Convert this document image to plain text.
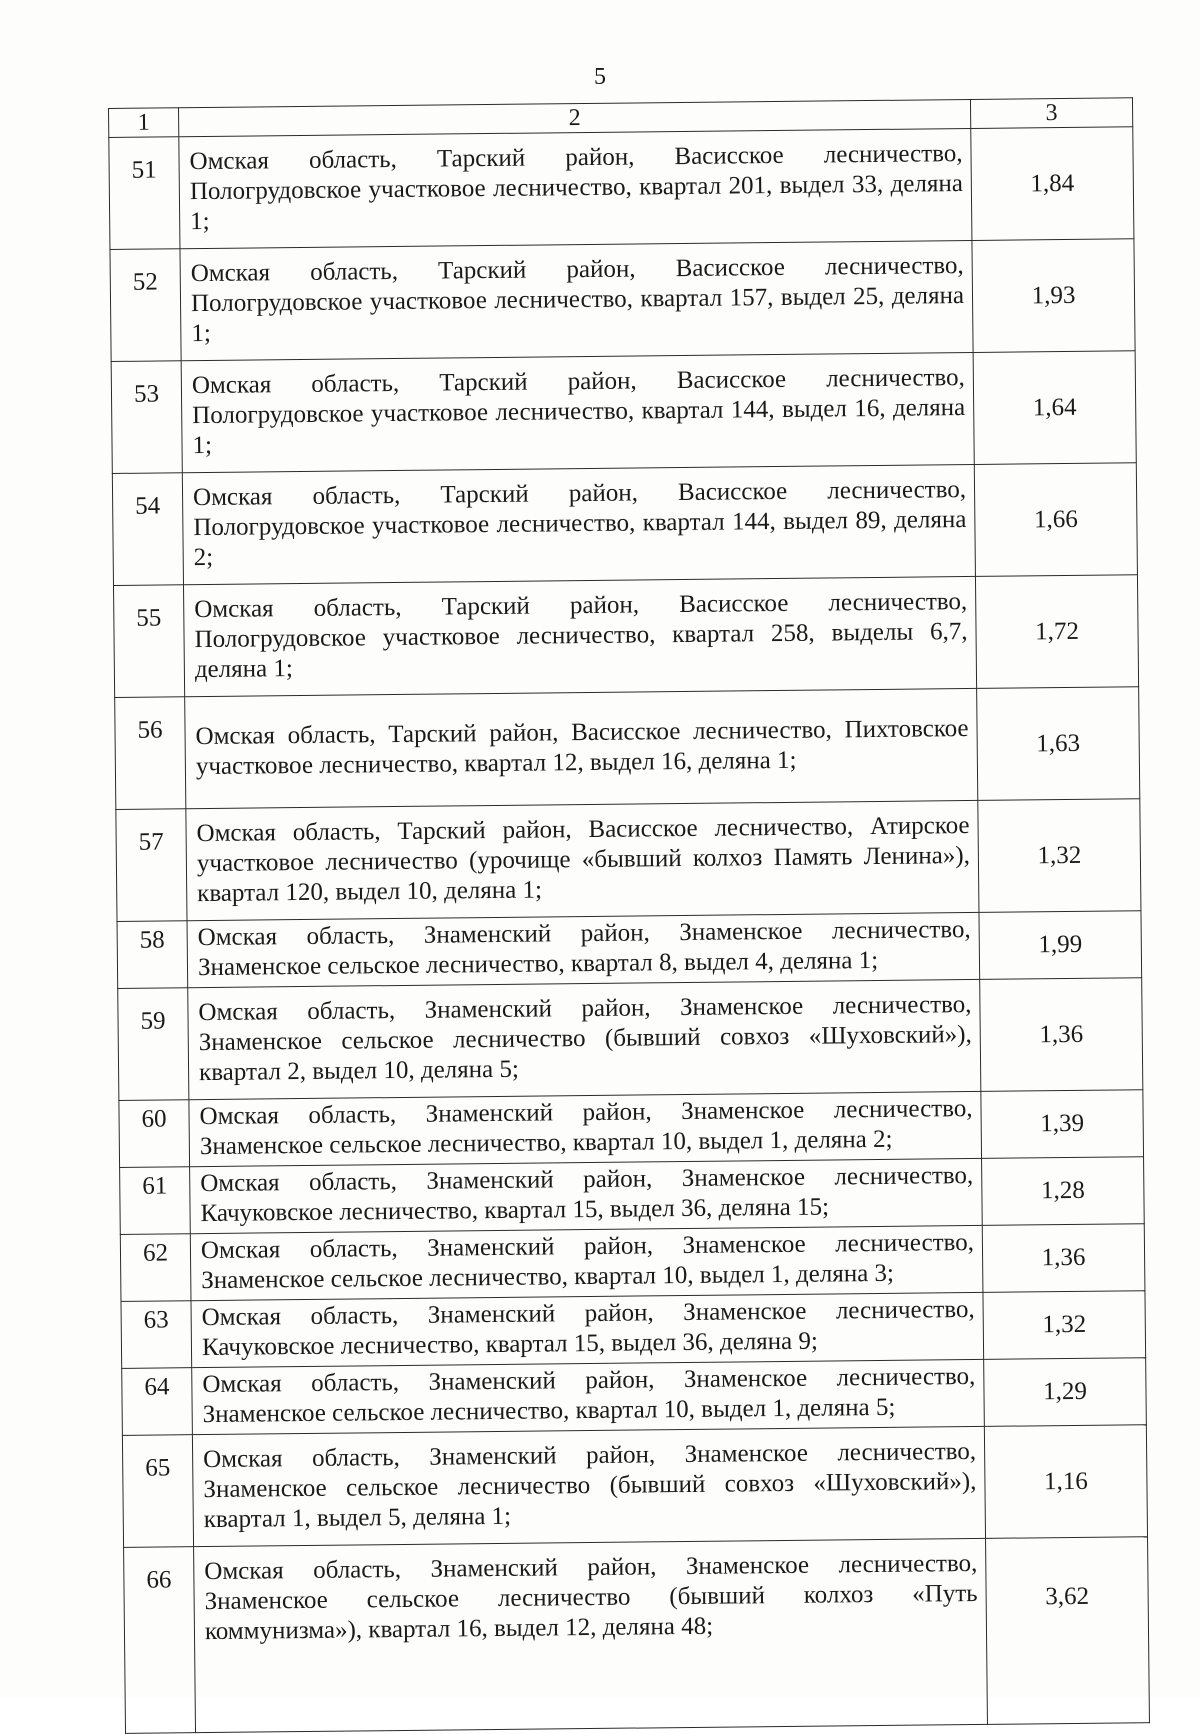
5
1	2	3
51	Омская область, Тарский район, Васисское лесничество, Пологрудовское участковое лесничество, квартал 201, выдел 33, деляна 1;	1,84
52	Омская область, Тарский район, Васисское лесничество, Пологрудовское участковое лесничество, квартал 157, выдел 25, деляна 1;	1,93
53	Омская область, Тарский район, Васисское лесничество, Пологрудовское участковое лесничество, квартал 144, выдел 16, деляна 1;	1,64
54	Омская область, Тарский район, Васисское лесничество, Пологрудовское участковое лесничество, квартал 144, выдел 89, деляна 2;	1,66
55	Омская область, Тарский район, Васисское лесничество, Пологрудовское участковое лесничество, квартал 258, выделы 6,7, деляна 1;	1,72
56	Омская область, Тарский район, Васисское лесничество, Пихтовское участковое лесничество, квартал 12, выдел 16, деляна 1;	1,63
57	Омская область, Тарский район, Васисское лесничество, Атирское участковое лесничество (урочище «бывший колхоз Память Ленина»), квартал 120, выдел 10, деляна 1;	1,32
58	Омская область, Знаменский район, Знаменское лесничество, Знаменское сельское лесничество, квартал 8, выдел 4, деляна 1;	1,99
59	Омская область, Знаменский район, Знаменское лесничество, Знаменское сельское лесничество (бывший совхоз «Шуховский»), квартал 2, выдел 10, деляна 5;	1,36
60	Омская область, Знаменский район, Знаменское лесничество, Знаменское сельское лесничество, квартал 10, выдел 1, деляна 2;	1,39
61	Омская область, Знаменский район, Знаменское лесничество, Качуковское лесничество, квартал 15, выдел 36, деляна 15;	1,28
62	Омская область, Знаменский район, Знаменское лесничество, Знаменское сельское лесничество, квартал 10, выдел 1, деляна 3;	1,36
63	Омская область, Знаменский район, Знаменское лесничество, Качуковское лесничество, квартал 15, выдел 36, деляна 9;	1,32
64	Омская область, Знаменский район, Знаменское лесничество, Знаменское сельское лесничество, квартал 10, выдел 1, деляна 5;	1,29
65	Омская область, Знаменский район, Знаменское лесничество, Знаменское сельское лесничество (бывший совхоз «Шуховский»), квартал 1, выдел 5, деляна 1;	1,16
66	Омская область, Знаменский район, Знаменское лесничество, Знаменское сельское лесничество (бывший колхоз «Путь коммунизма»), квартал 16, выдел 12, деляна 48;	3,62
